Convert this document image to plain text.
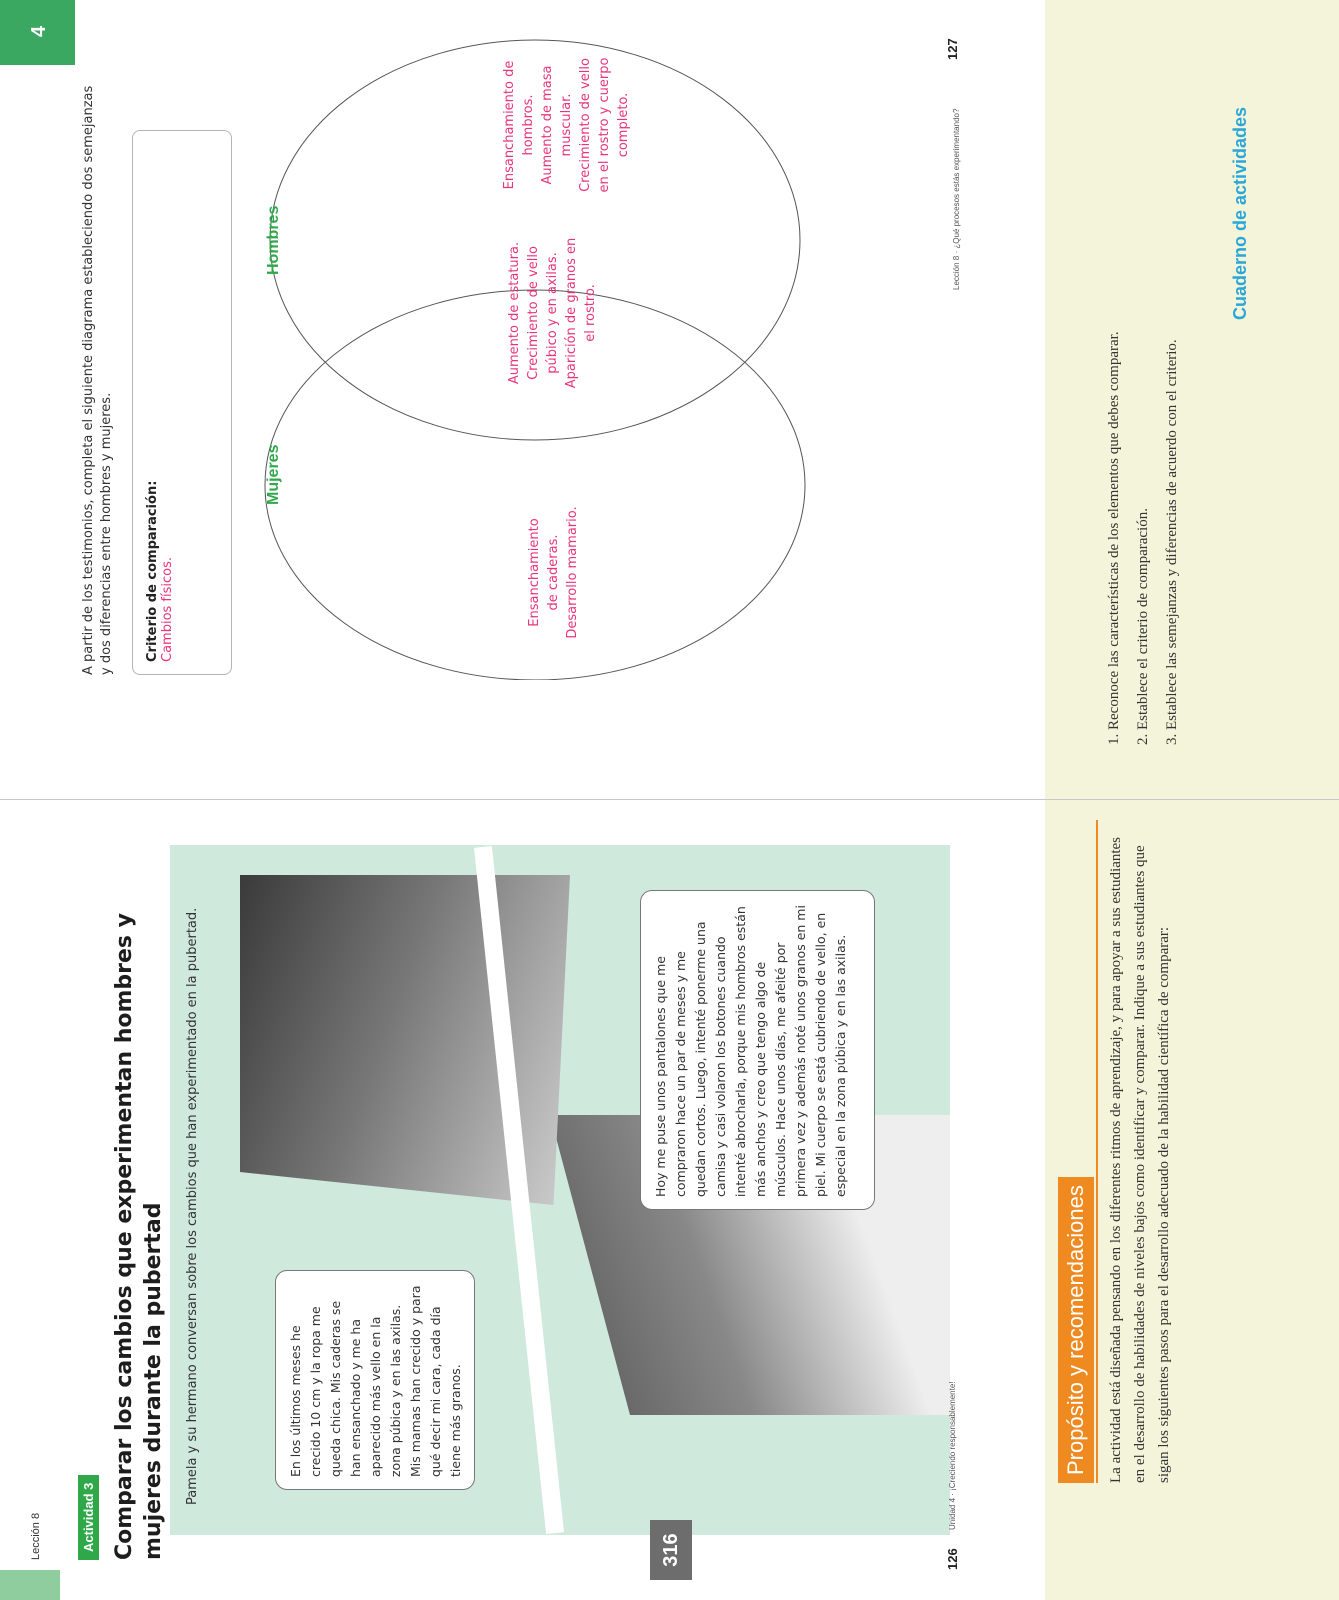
4
Lección 8	Actividad 3 Comparar los cambios que experimentan hombres y mujeres durante la pubertad Pamela y su hermano conversan sobre los cambios que han experimentado en la pubertad.	En los últimos meses he crecido 10 cm y la ropa me queda chica. Mis caderas se han ensanchado y me ha aparecido más vello en la zona púbica y en las axilas. Mis mamas han crecido y para qué decir mi cara, cada día tiene más granos.
Hoy me puse unos pantalones que me compraron hace un par de meses y me quedan cortos. Luego, intenté ponerme una camisa y casi volaron los botones cuando intenté abrocharla, porque mis hombros están más anchos y creo que tengo algo de músculos. Hace unos días, me afeité por primera vez y además noté unos granos en mi piel. Mi cuerpo se está cubriendo de vello, en especial en la zona púbica y en las axilas.
316	126
Unidad 4 · ¡Creciendo responsablemente!
A partir de los testimonios, completa el siguiente diagrama estableciendo dos semejanzas y dos diferencias entre hombres y mujeres. Criterio de comparación: Cambios físicos.
Mujeres
Hombres
Ensanchamiento de caderas. Desarrollo mamario.
Aumento de estatura. Crecimiento de vello púbico y en axilas. Aparición de granos en el rostro.
Ensanchamiento de hombros. Aumento de masa muscular. Crecimiento de vello en el rostro y cuerpo completo.	Lección 8 · ¿Qué procesos estás experimentando?
127
Propósito y recomendaciones	La actividad está diseñada pensando en los diferentes ritmos de aprendizaje, y para apoyar a sus estudiantes en el desarrollo de habilidades de niveles bajos como identificar y comparar. Indique a sus estudiantes que sigan los siguientes pasos para el desarrollo adecuado de la habilidad científica de comparar:
1. Reconoce las características de los elementos que debes comparar. 2. Establece el criterio de comparación. 3. Establece las semejanzas y diferencias de acuerdo con el criterio.
Cuaderno de actividades
